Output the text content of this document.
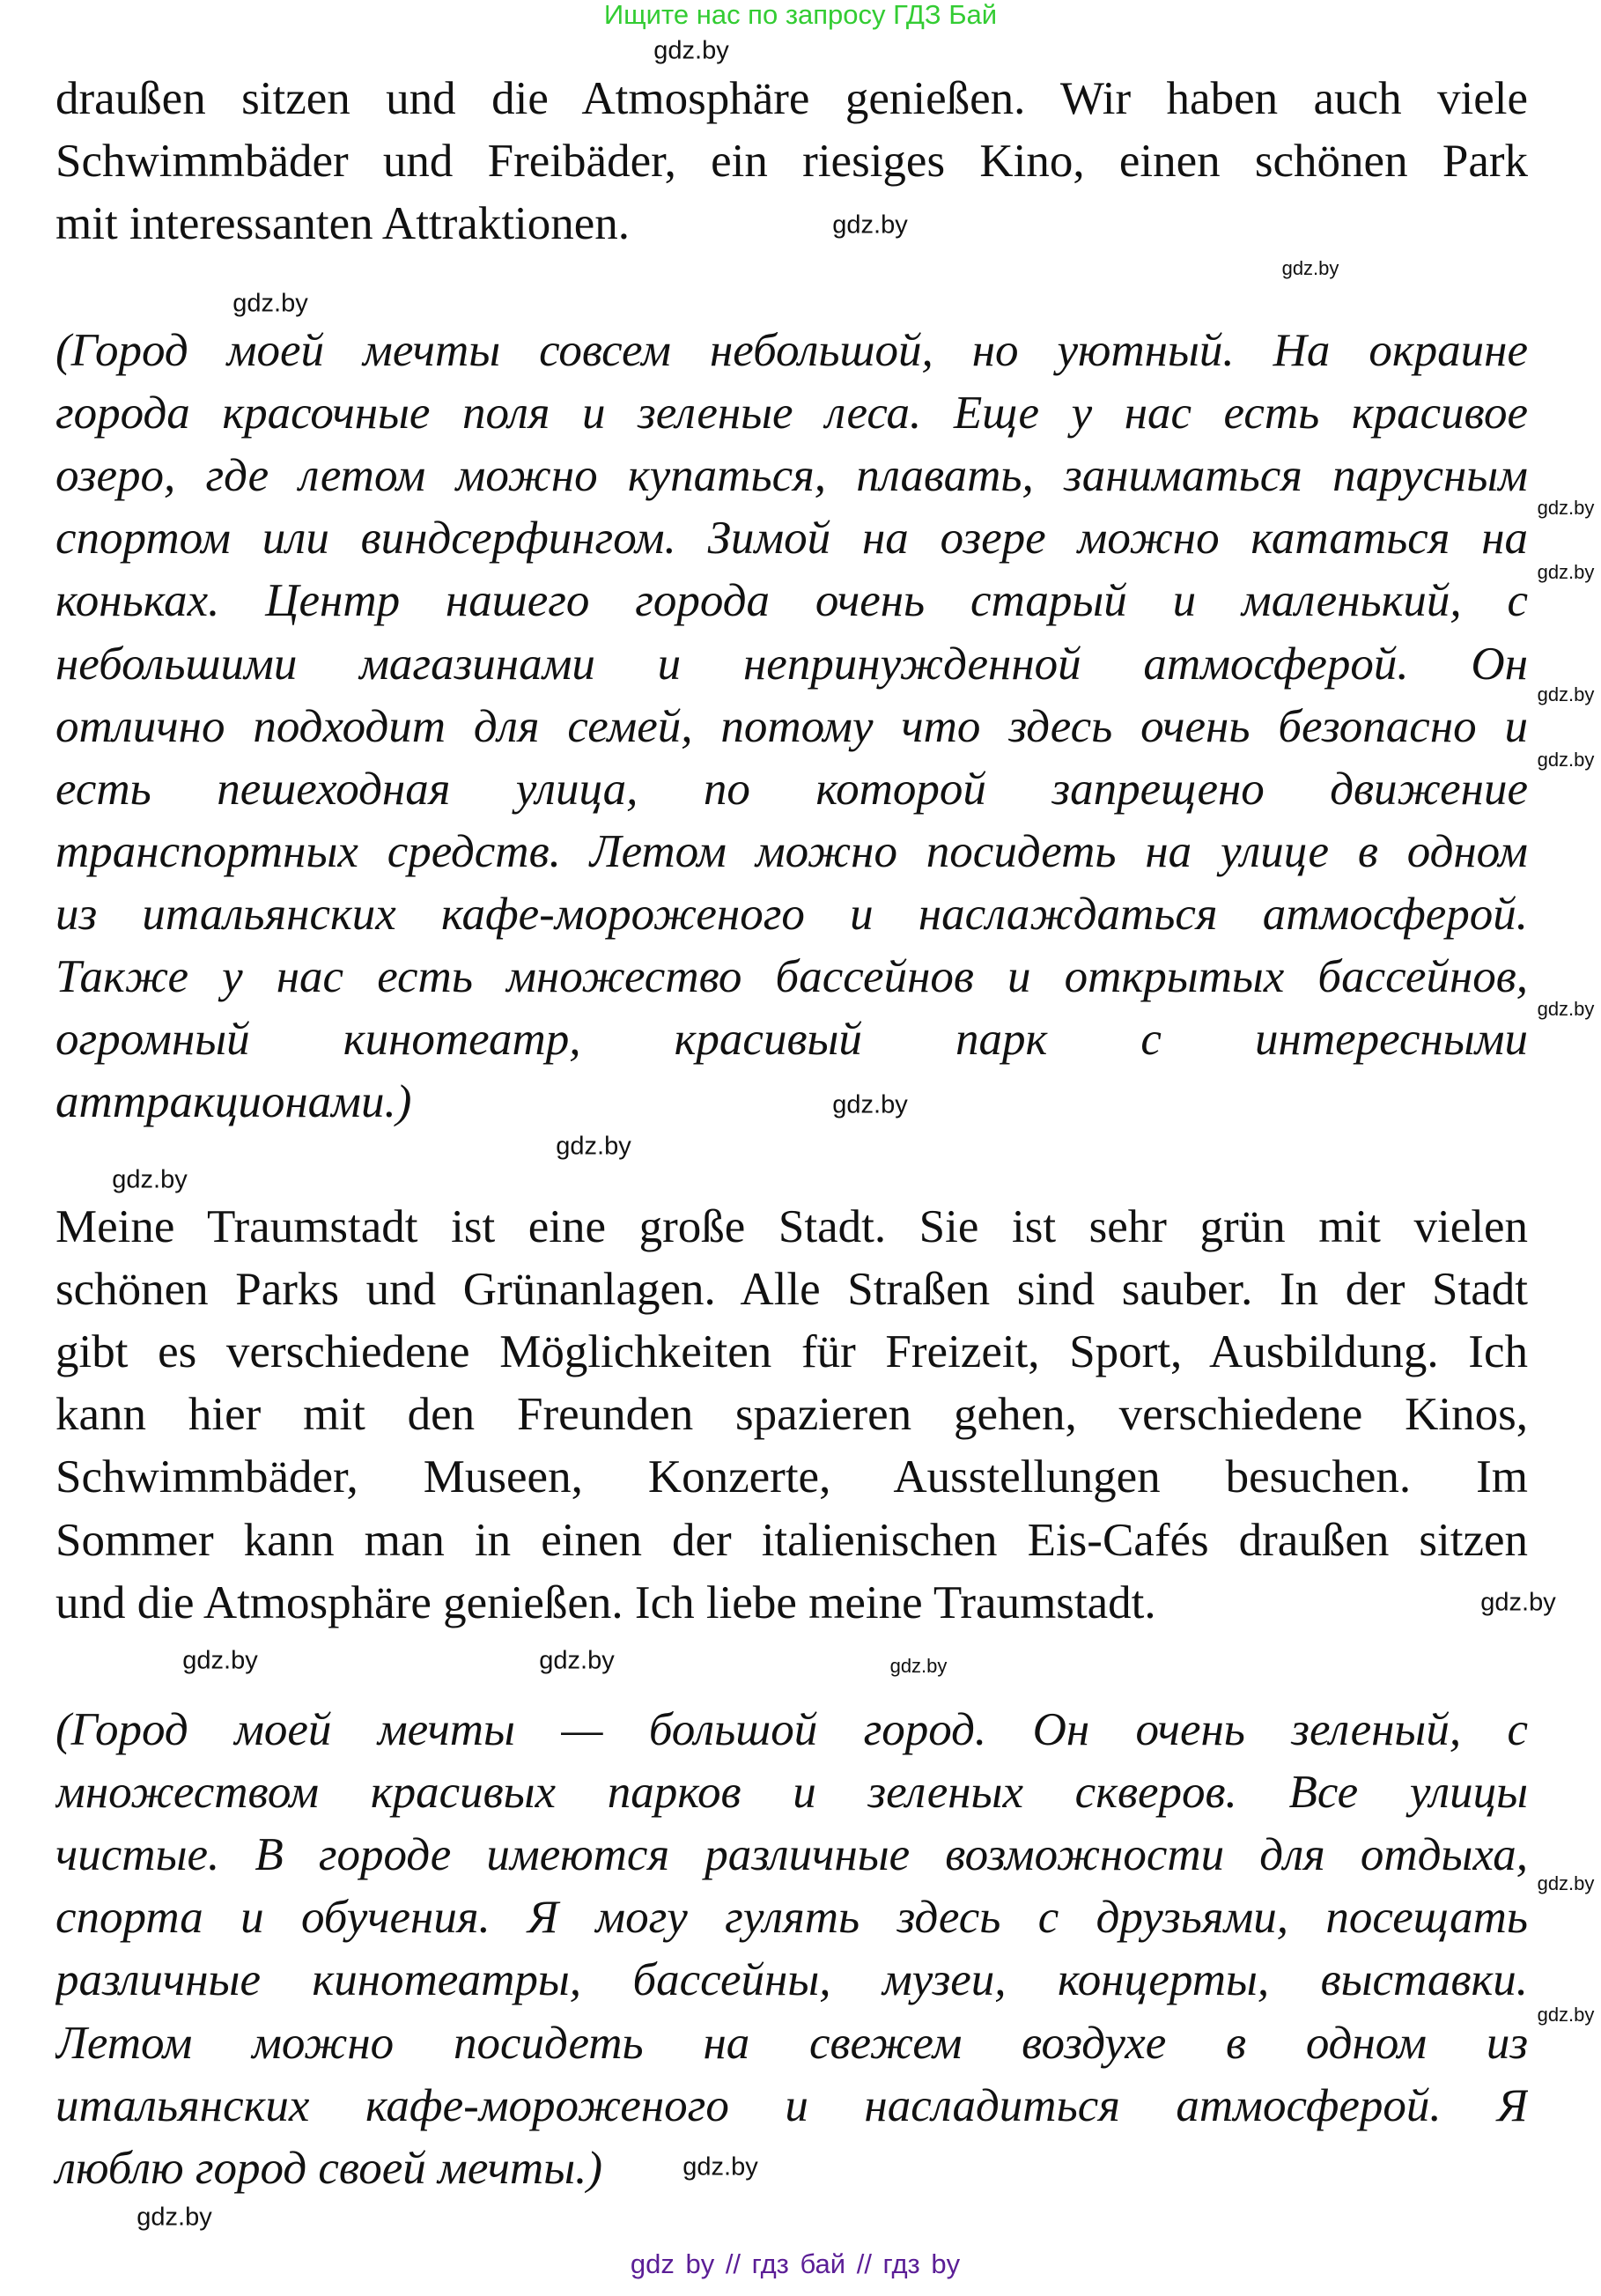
Ищите нас по запросу ГДЗ Бай
draußen sitzen und die Atmosphäre genießen. Wir haben auch viele
Schwimmbäder und Freibäder, ein riesiges Kino, einen schönen Park
mit interessanten Attraktionen.
(Город моей мечты совсем небольшой, но уютный. На окраине
города красочные поля и зеленые леса. Еще у нас есть красивое
озеро, где летом можно купаться, плавать, заниматься парусным
спортом или виндсерфингом. Зимой на озере можно кататься на
коньках. Центр нашего города очень старый и маленький, с
небольшими магазинами и непринужденной атмосферой. Он
отлично подходит для семей, потому что здесь очень безопасно и
есть пешеходная улица, по которой запрещено движение
транспортных средств. Летом можно посидеть на улице в одном
из итальянских кафе-мороженого и наслаждаться атмосферой.
Также у нас есть множество бассейнов и открытых бассейнов,
огромный кинотеатр, красивый парк с интересными
аттракционами.)
Meine Traumstadt ist eine große Stadt. Sie ist sehr grün mit vielen
schönen Parks und Grünanlagen. Alle Straßen sind sauber. In der Stadt
gibt es verschiedene Möglichkeiten für Freizeit, Sport, Ausbildung. Ich
kann hier mit den Freunden spazieren gehen, verschiedene Kinos,
Schwimmbäder, Museen, Konzerte, Ausstellungen besuchen. Im
Sommer kann man in einen der italienischen Eis-Cafés draußen sitzen
und die Atmosphäre genießen. Ich liebe meine Traumstadt.
(Город моей мечты — большой город. Он очень зеленый, с
множеством красивых парков и зеленых скверов. Все улицы
чистые. В городе имеются различные возможности для отдыха,
спорта и обучения. Я могу гулять здесь с друзьями, посещать
различные кинотеатры, бассейны, музеи, концерты, выставки.
Летом можно посидеть на свежем воздухе в одном из
итальянских кафе-мороженого и насладиться атмосферой. Я
люблю город своей мечты.)
gdz.by
gdz.by
gdz.by
gdz.by
gdz.by
gdz.by
gdz.by
gdz.by
gdz.by
gdz.by
gdz.by
gdz.by
gdz.by
gdz.by	gdz.by
gdz.by
gdz.by
gdz.by
gdz.by
gdz.by
gdz by // гдз бай // гдз by
